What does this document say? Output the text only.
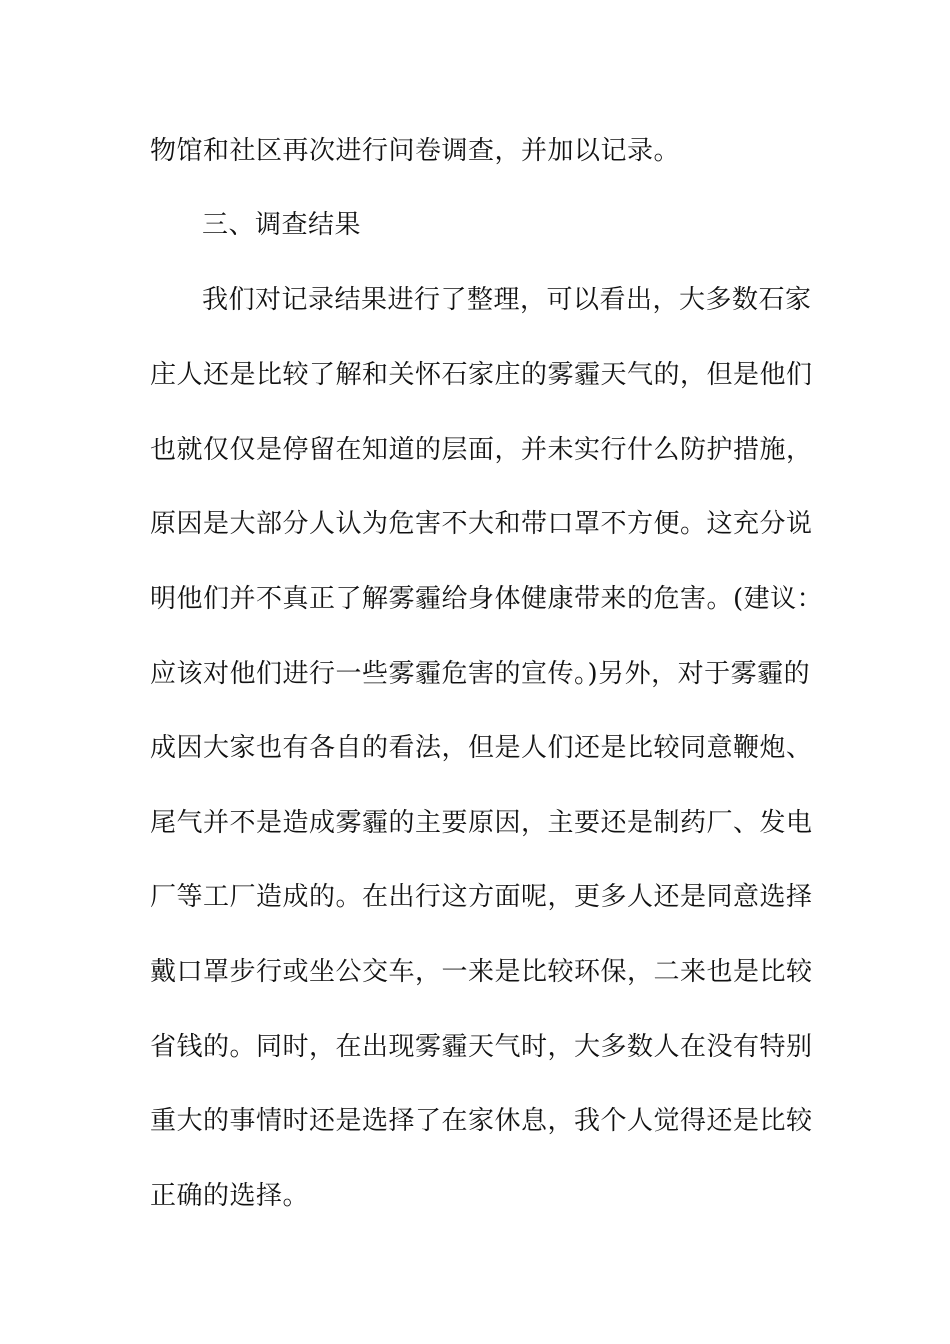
物馆和社区再次进行问卷调查，并加以记录。
三、调查结果
我们对记录结果进行了整理，可以看出，大多数石家
庄人还是比较了解和关怀石家庄的雾霾天气的，但是他们
也就仅仅是停留在知道的层面，并未实行什么防护措施，
原因是大部分人认为危害不大和带口罩不方便。这充分说
明他们并不真正了解雾霾给身体健康带来的危害。(建议：
应该对他们进行一些雾霾危害的宣传。)另外，对于雾霾的
成因大家也有各自的看法，但是人们还是比较同意鞭炮、
尾气并不是造成雾霾的主要原因，主要还是制药厂、发电
厂等工厂造成的。在出行这方面呢，更多人还是同意选择
戴口罩步行或坐公交车，一来是比较环保，二来也是比较
省钱的。同时，在出现雾霾天气时，大多数人在没有特别
重大的事情时还是选择了在家休息，我个人觉得还是比较
正确的选择。
